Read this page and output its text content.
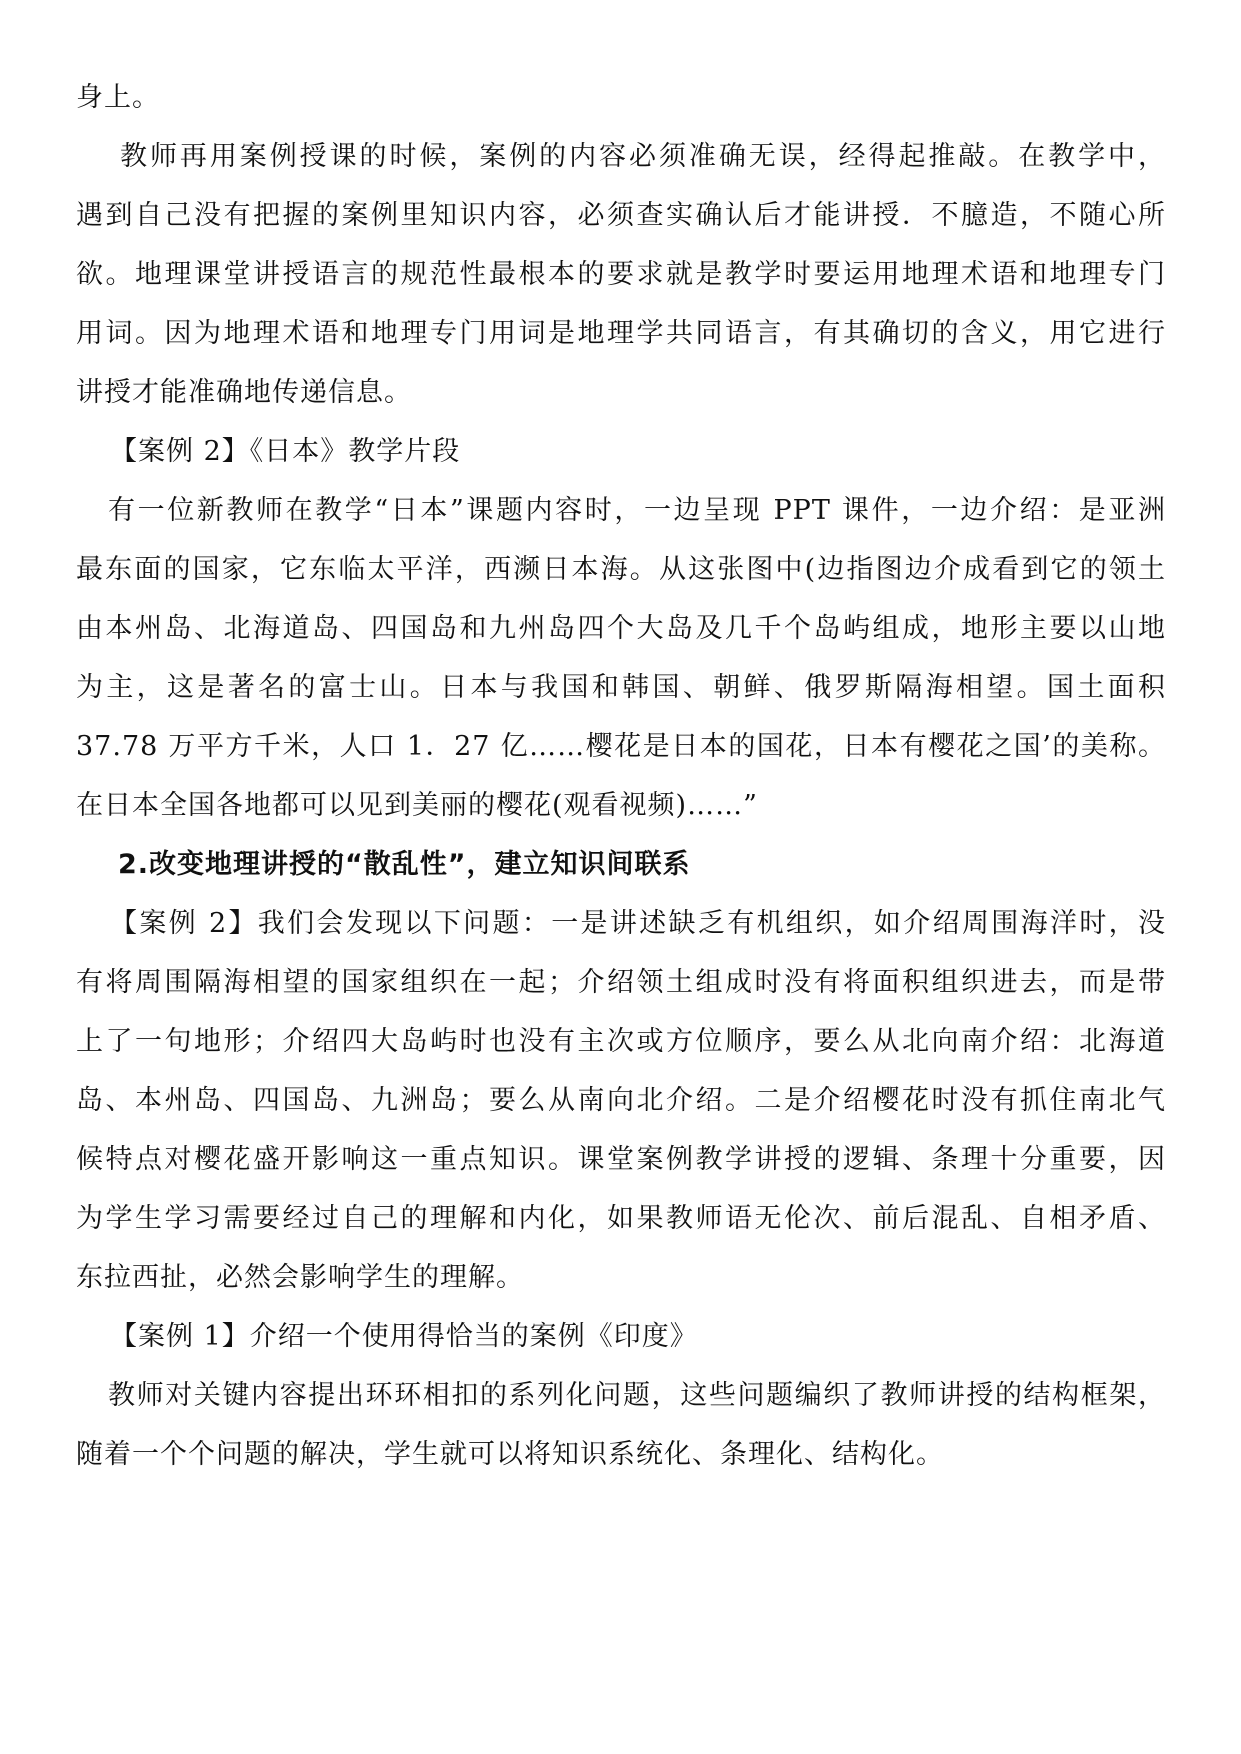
身上。
教师再用案例授课的时候，案例的内容必须准确无误，经得起推敲。在教学中，
遇到自己没有把握的案例里知识内容，必须查实确认后才能讲授．不臆造，不随心所
欲。地理课堂讲授语言的规范性最根本的要求就是教学时要运用地理术语和地理专门
用词。因为地理术语和地理专门用词是地理学共同语言，有其确切的含义，用它进行
讲授才能准确地传递信息。
【案例 2】《日本》教学片段
有一位新教师在教学“日本”课题内容时，一边呈现 PPT 课件，一边介绍：是亚洲
最东面的国家，它东临太平洋，西濒日本海。从这张图中(边指图边介成看到它的领土
由本州岛、北海道岛、四国岛和九州岛四个大岛及几千个岛屿组成，地形主要以山地
为主，这是著名的富士山。日本与我国和韩国、朝鲜、俄罗斯隔海相望。国土面积
37.78 万平方千米，人口 1．27 亿……樱花是日本的国花，日本有樱花之国’的美称。
在日本全国各地都可以见到美丽的樱花(观看视频)……”
2.改变地理讲授的“散乱性”，建立知识间联系
【案例 2】我们会发现以下问题：一是讲述缺乏有机组织，如介绍周围海洋时，没
有将周围隔海相望的国家组织在一起；介绍领土组成时没有将面积组织进去，而是带
上了一句地形；介绍四大岛屿时也没有主次或方位顺序，要么从北向南介绍：北海道
岛、本州岛、四国岛、九洲岛；要么从南向北介绍。二是介绍樱花时没有抓住南北气
候特点对樱花盛开影响这一重点知识。课堂案例教学讲授的逻辑、条理十分重要，因
为学生学习需要经过自己的理解和内化，如果教师语无伦次、前后混乱、自相矛盾、
东拉西扯，必然会影响学生的理解。
【案例 1】介绍一个使用得恰当的案例《印度》
教师对关键内容提出环环相扣的系列化问题，这些问题编织了教师讲授的结构框架，
随着一个个问题的解决，学生就可以将知识系统化、条理化、结构化。
